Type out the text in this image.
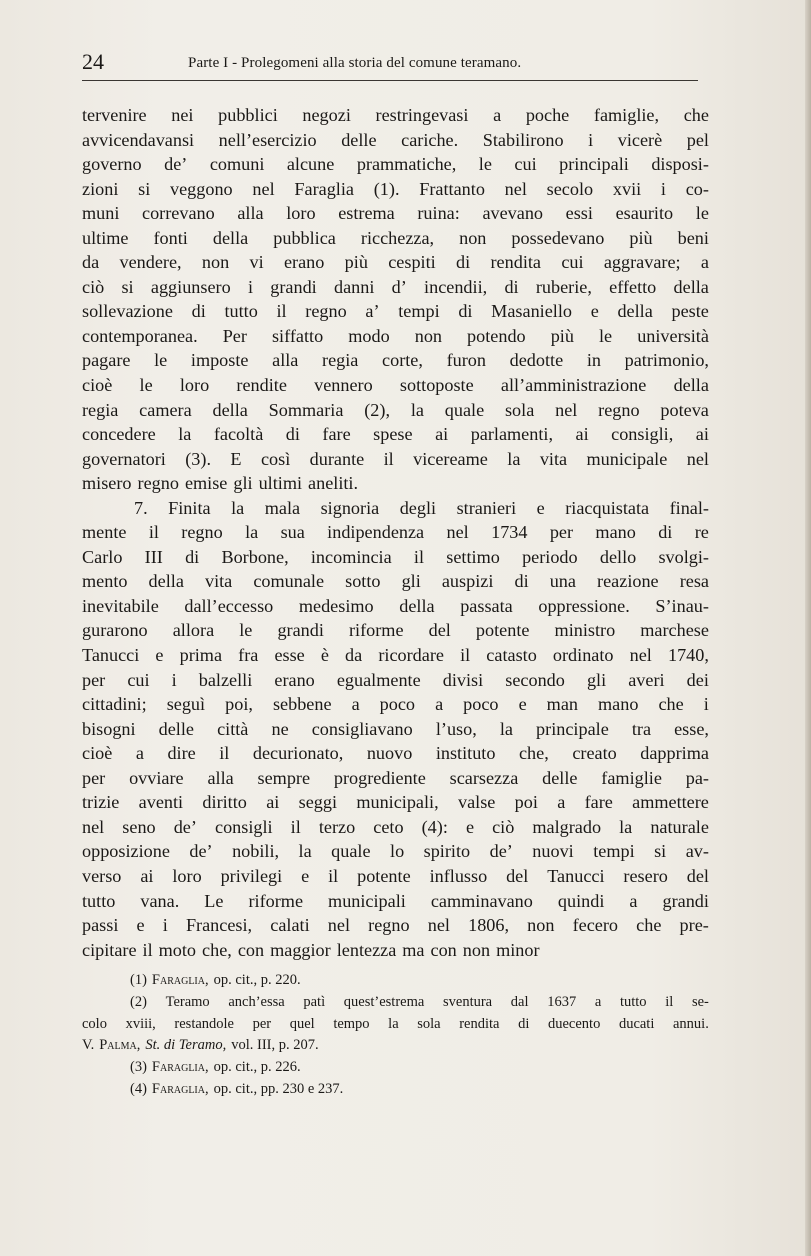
24	Parte I - Prolegomeni alla storia del comune teramano.
tervenire nei pubblici negozi restringevasi a poche famiglie, che
avvicendavansi nell’esercizio delle cariche. Stabilirono i vicerè pel
governo de’ comuni alcune prammatiche, le cui principali disposi-
zioni si veggono nel Faraglia (1). Frattanto nel secolo xvii i co-
muni correvano alla loro estrema ruina: avevano essi esaurito le
ultime fonti della pubblica ricchezza, non possedevano più beni
da vendere, non vi erano più cespiti di rendita cui aggravare; a
ciò si aggiunsero i grandi danni d’ incendii, di ruberie, effetto della
sollevazione di tutto il regno a’ tempi di Masaniello e della peste
contemporanea. Per siffatto modo non potendo più le università
pagare le imposte alla regia corte, furon dedotte in patrimonio,
cioè le loro rendite vennero sottoposte all’amministrazione della
regia camera della Sommaria (2), la quale sola nel regno poteva
concedere la facoltà di fare spese ai parlamenti, ai consigli, ai
governatori (3). E così durante il vicereame la vita municipale nel
misero regno emise gli ultimi aneliti.
7. Finita la mala signoria degli stranieri e riacquistata final-
mente il regno la sua indipendenza nel 1734 per mano di re
Carlo III di Borbone, incomincia il settimo periodo dello svolgi-
mento della vita comunale sotto gli auspizi di una reazione resa
inevitabile dall’eccesso medesimo della passata oppressione. S’inau-
gurarono allora le grandi riforme del potente ministro marchese
Tanucci e prima fra esse è da ricordare il catasto ordinato nel 1740,
per cui i balzelli erano egualmente divisi secondo gli averi dei
cittadini; seguì poi, sebbene a poco a poco e man mano che i
bisogni delle città ne consigliavano l’uso, la principale tra esse,
cioè a dire il decurionato, nuovo instituto che, creato dapprima
per ovviare alla sempre progrediente scarsezza delle famiglie pa-
trizie aventi diritto ai seggi municipali, valse poi a fare ammettere
nel seno de’ consigli il terzo ceto (4): e ciò malgrado la naturale
opposizione de’ nobili, la quale lo spirito de’ nuovi tempi si av-
verso ai loro privilegi e il potente influsso del Tanucci resero del
tutto vana. Le riforme municipali camminavano quindi a grandi
passi e i Francesi, calati nel regno nel 1806, non fecero che pre-
cipitare il moto che, con maggior lentezza ma con non minor
(1) Faraglia, op. cit., p. 220.
(2) Teramo anch’essa patì quest’estrema sventura dal 1637 a tutto il se-
colo xviii, restandole per quel tempo la sola rendita di duecento ducati annui.
V. Palma, St. di Teramo, vol. III, p. 207.
(3) Faraglia, op. cit., p. 226.
(4) Faraglia, op. cit., pp. 230 e 237.
